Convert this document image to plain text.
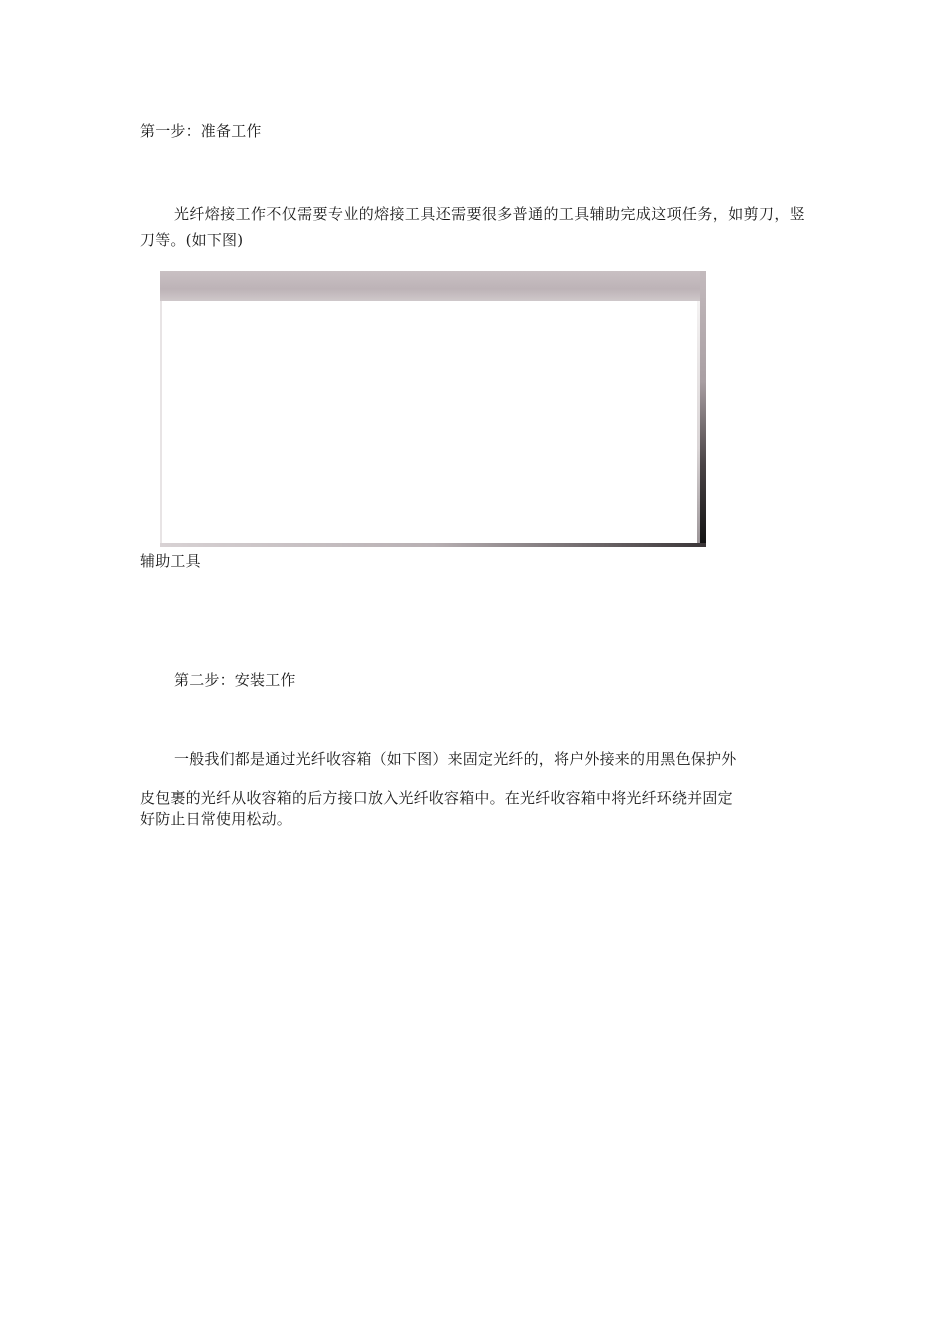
第一步：准备工作
光纤熔接工作不仅需要专业的熔接工具还需要很多普通的工具辅助完成这项任务，如剪刀，竖刀等。(如下图)
辅助工具
第二步：安装工作
一般我们都是通过光纤收容箱（如下图）来固定光纤的，将户外接来的用黑色保护外
皮包裹的光纤从收容箱的后方接口放入光纤收容箱中。在光纤收容箱中将光纤环绕并固定
好防止日常使用松动。
